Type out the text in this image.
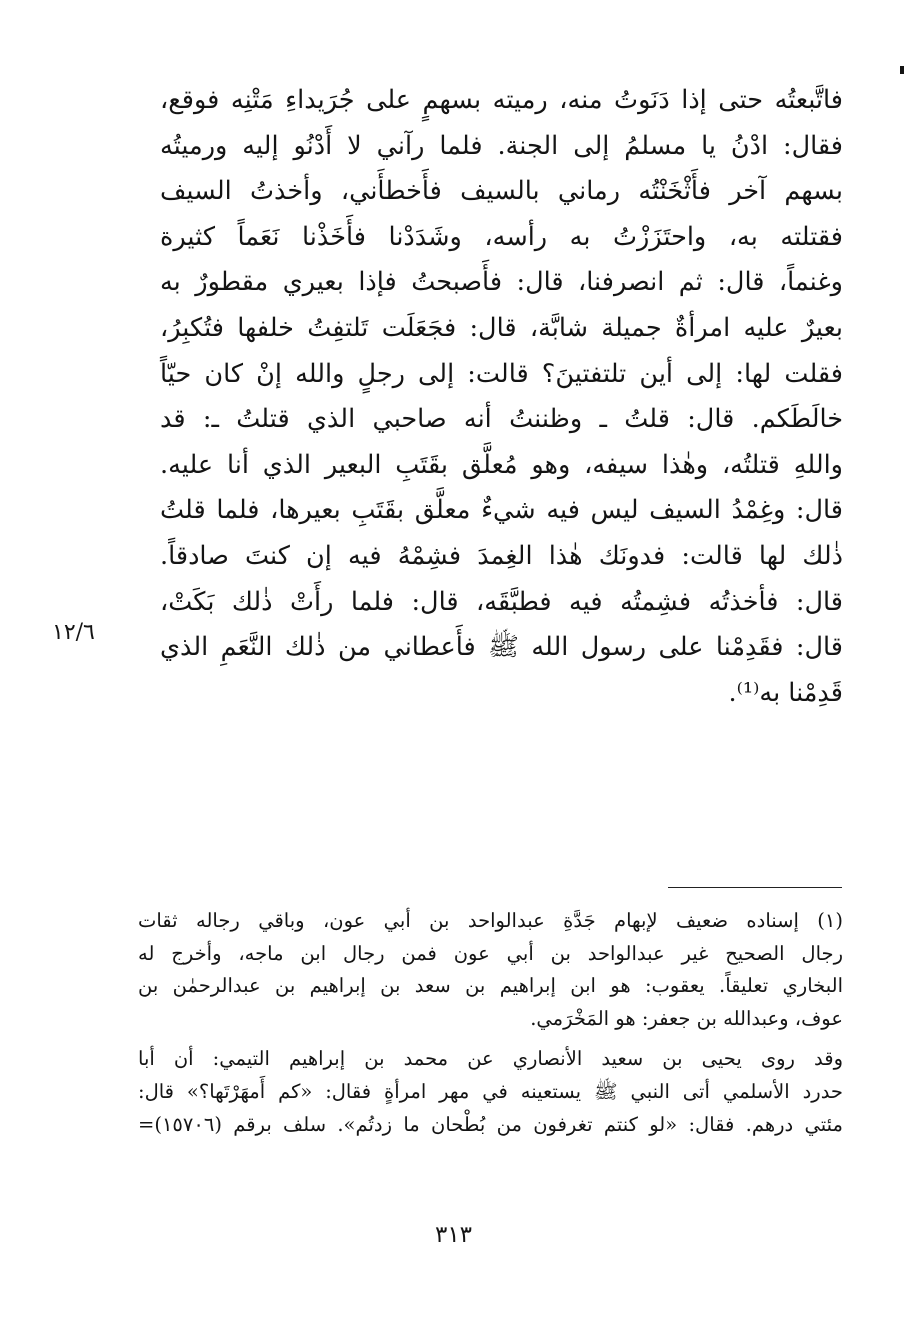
فاتَّبعتُه حتى إذا دَنَوتُ منه، رميته بسهمٍ على جُرَيداءِ مَتْنِه فوقع،
فقال: ادْنُ يا مسلمُ إلى الجنة. فلما رآني لا أَدْنُو إليه ورميتُه
بسهم آخر فأَثْخَنْتُه رماني بالسيف فأَخطأَني، وأخذتُ السيف
فقتلته به، واحتَزَزْتُ به رأسه، وشَدَدْنا فأَخَذْنا نَعَماً كثيرة
وغنماً، قال: ثم انصرفنا، قال: فأَصبحتُ فإذا بعيري مقطورٌ به
بعيرٌ عليه امرأةٌ جميلة شابَّة، قال: فجَعَلَت تَلتفِتُ خلفها فتُكبِرُ،
فقلت لها: إلى أين تلتفتينَ؟ قالت: إلى رجلٍ والله إنْ كان حيّاً
خالَطَكم. قال: قلتُ ـ وظننتُ أنه صاحبي الذي قتلتُ ـ: قد
واللهِ قتلتُه، وهٰذا سيفه، وهو مُعلَّق بقَتَبِ البعير الذي أنا عليه.
قال: وغِمْدُ السيف ليس فيه شيءٌ معلَّق بقَتَبِ بعيرها، فلما قلتُ
ذٰلك لها قالت: فدونَك هٰذا الغِمدَ فشِمْهُ فيه إن كنتَ صادقاً.
قال: فأخذتُه فشِمتُه فيه فطبَّقَه، قال: فلما رأَتْ ذٰلك بَكَتْ،
قال: فقَدِمْنا على رسول الله ﷺ فأَعطاني من ذٰلك النَّعَمِ الذي
قَدِمْنا به⁽¹⁾.
١٢/٦
(١) إسناده ضعيف لإبهام جَدَّةِ عبدالواحد بن أبي عون، وباقي رجاله ثقات
رجال الصحيح غير عبدالواحد بن أبي عون فمن رجال ابن ماجه، وأخرج له
البخاري تعليقاً. يعقوب: هو ابن إبراهيم بن سعد بن إبراهيم بن عبدالرحمٰن بن
عوف، وعبدالله بن جعفر: هو المَخْرَمي.
وقد روى يحيى بن سعيد الأنصاري عن محمد بن إبراهيم التيمي: أن أبا
حدرد الأسلمي أتى النبي ﷺ يستعينه في مهر امرأةٍ فقال: «كم أَمهَرْتَها؟» قال:
مئتي درهم. فقال: «لو كنتم تغرفون من بُطْحان ما زدتُم». سلف برقم (١٥٧٠٦)=
٣١٣
